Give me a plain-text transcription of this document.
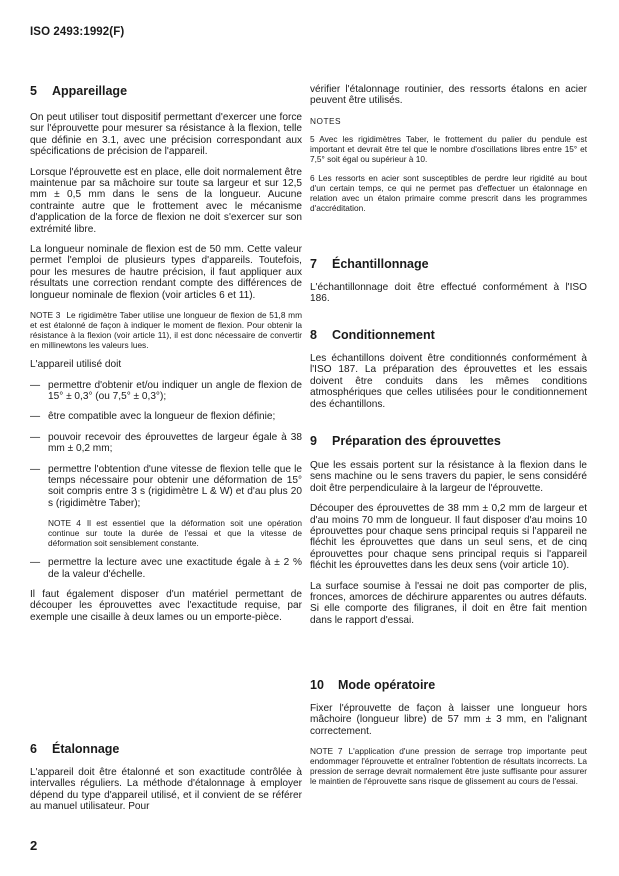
ISO 2493:1992(F)
5 Appareillage

On peut utiliser tout dispositif permettant d'exercer une force sur l'éprouvette pour mesurer sa résistance à la flexion, telle que définie en 3.1, avec une précision correspondant aux spécifications de précision de l'appareil.

Lorsque l'éprouvette est en place, elle doit normalement être maintenue par sa mâchoire sur toute sa largeur et sur 12,5 mm ± 0,5 mm dans le sens de la longueur. Aucune contrainte autre que le frottement avec le mécanisme d'application de la force de flexion ne doit s'exercer sur son extrémité libre.

La longueur nominale de flexion est de 50 mm. Cette valeur permet l'emploi de plusieurs types d'appareils. Toutefois, pour les mesures de hautre précision, il faut appliquer aux résultats une correction rendant compte des différences de longueur nominale de flexion (voir articles 6 et 11).

NOTE 3 Le rigidimètre Taber utilise une longueur de flexion de 51,8 mm et est étalonné de façon à indiquer le moment de flexion. Pour obtenir la résistance à la flexion (voir article 11), il est donc nécessaire de convertir en millinewtons les valeurs lues.

L'appareil utilisé doit

— permettre d'obtenir et/ou indiquer un angle de flexion de 15° ± 0,3° (ou 7,5° ± 0,3°);
— être compatible avec la longueur de flexion définie;
— pouvoir recevoir des éprouvettes de largeur égale à 38 mm ± 0,2 mm;
— permettre l'obtention d'une vitesse de flexion telle que le temps nécessaire pour obtenir une déformation de 15° soit compris entre 3 s (rigidimètre L & W) et d'au plus 20 s (rigidimètre Taber);
NOTE 4 Il est essentiel que la déformation soit une opération continue sur toute la durée de l'essai et que la vitesse de déformation soit sensiblement constante.
— permettre la lecture avec une exactitude égale à ± 2 % de la valeur d'échelle.

Il faut également disposer d'un matériel permettant de découper les éprouvettes avec l'exactitude requise, par exemple une cisaille à deux lames ou un emporte-pièce.

6 Étalonnage

L'appareil doit être étalonné et son exactitude contrôlée à intervalles réguliers. La méthode d'étalonnage à employer dépend du type d'appareil utilisé, et il convient de se référer au manuel utilisateur. Pour

vérifier l'étalonnage routinier, des ressorts étalons en acier peuvent être utilisés.

NOTES
5 Avec les rigidimètres Taber, le frottement du palier du pendule est important et devrait être tel que le nombre d'oscillations libres entre 15° et 7,5° soit égal ou supérieur à 10.
6 Les ressorts en acier sont susceptibles de perdre leur rigidité au bout d'un certain temps, ce qui ne permet pas d'effectuer un étalonnage en relation avec un étalon primaire comme prescrit dans les programmes d'accréditation.
7 Échantillonnage

L'échantillonnage doit être effectué conformément à l'ISO 186.

8 Conditionnement

Les échantillons doivent être conditionnés conformément à l'ISO 187. La préparation des éprouvettes et les essais doivent être conduits dans les mêmes conditions atmosphériques que celles utilisées pour le conditionnement des échantillons.

9 Préparation des éprouvettes

Que les essais portent sur la résistance à la flexion dans le sens machine ou le sens travers du papier, le sens considéré doit être perpendiculaire à la largeur de l'éprouvette.

Découper des éprouvettes de 38 mm ± 0,2 mm de largeur et d'au moins 70 mm de longueur. Il faut disposer d'au moins 10 éprouvettes pour chaque sens principal requis si l'appareil ne fléchit les éprouvettes que dans un seul sens, et de cinq éprouvettes pour chaque sens principal requis si l'appareil fléchit les éprouvettes dans les deux sens (voir article 10).

La surface soumise à l'essai ne doit pas comporter de plis, fronces, amorces de déchirure apparentes ou autres défauts. Si elle comporte des filigranes, il doit en être fait mention dans le rapport d'essai.

10 Mode opératoire

Fixer l'éprouvette de façon à laisser une longueur hors mâchoire (longueur libre) de 57 mm ± 3 mm, en l'alignant correctement.

NOTE 7 L'application d'une pression de serrage trop importante peut endommager l'éprouvette et entraîner l'obtention de résultats incorrects. La pression de serrage devrait normalement être juste suffisante pour assurer le maintien de l'éprouvette sans risque de glissement au cours de l'essai.
2
